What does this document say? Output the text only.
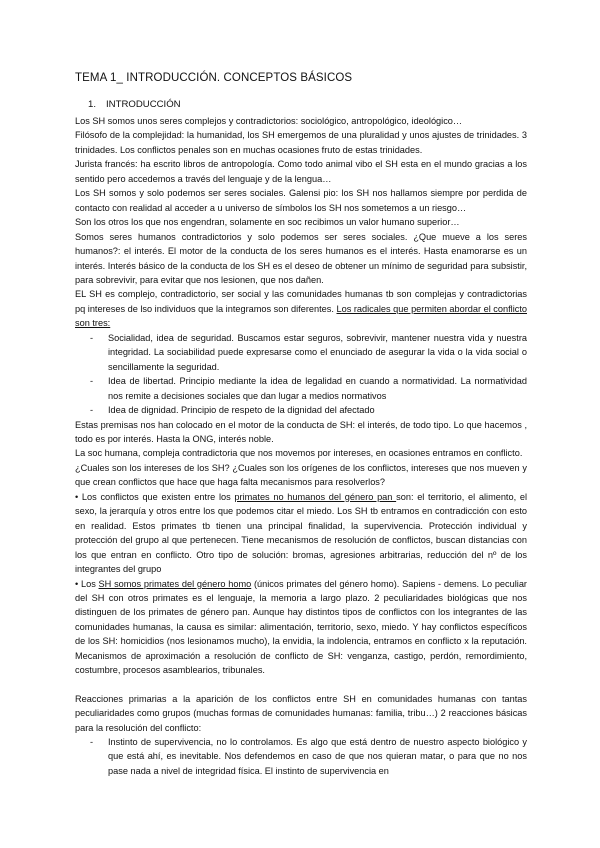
TEMA 1_ INTRODUCCIÓN. CONCEPTOS BÁSICOS
1. INTRODUCCIÓN

Los SH somos unos seres complejos y contradictorios: sociológico, antropológico, ideológico…

Filósofo de la complejidad: la humanidad, los SH emergemos de una pluralidad y unos ajustes de trinidades. 3 trinidades. Los conflictos penales son en muchas ocasiones fruto de estas trinidades.

Jurista francés: ha escrito libros de antropología. Como todo animal vibo el SH esta en el mundo gracias a los sentido pero accedemos a través del lenguaje y de la lengua…

Los SH somos y solo podemos ser seres sociales. Galensi pio: los SH nos hallamos siempre por perdida de contacto con realidad al acceder a u universo de símbolos los SH nos sometemos a un riesgo…

Son los otros los que nos engendran, solamente en soc recibimos un valor humano superior…

Somos seres humanos contradictorios y solo podemos ser seres sociales. ¿Que mueve a los seres humanos?: el interés. El motor de la conducta de los seres humanos es el interés. Hasta enamorarse es un interés. Interés básico de la conducta de los SH es el deseo de obtener un mínimo de seguridad para subsistir, para sobrevivir, para evitar que nos lesionen, que nos dañen.

EL SH es complejo, contradictorio, ser social y las comunidades humanas tb son complejas y contradictorias pq intereses de lso individuos que la integramos son diferentes. Los radicales que permiten abordar el conflicto son tres:

- Socialidad, idea de seguridad. Buscamos estar seguros, sobrevivir, mantener nuestra vida y nuestra integridad. La sociabilidad puede expresarse como el enunciado de asegurar la vida o la vida social o sencillamente la seguridad.
- Idea de libertad. Principio mediante la idea de legalidad en cuando a normatividad. La normatividad nos remite a decisiones sociales que dan lugar a medios normativos
- Idea de dignidad. Principio de respeto de la dignidad del afectado

Estas premisas nos han colocado en el motor de la conducta de SH: el interés, de todo tipo. Lo que hacemos , todo es por interés. Hasta la ONG, interés noble.

La soc humana, compleja contradictoria que nos movemos por intereses, en ocasiones entramos en conflicto.

¿Cuales son los intereses de los SH? ¿Cuales son los orígenes de los conflictos, intereses que nos mueven y que crean conflictos que hace que haga falta mecanismos para resolverlos?

• Los conflictos que existen entre los primates no humanos del género pan son: el territorio, el alimento, el sexo, la jerarquía y otros entre los que podemos citar el miedo. Los SH tb entramos en contradicción con esto en realidad. Estos primates tb tienen una principal finalidad, la supervivencia. Protección individual y protección del grupo al que pertenecen. Tiene mecanismos de resolución de conflictos, buscan distancias con los que entran en conflicto. Otro tipo de solución: bromas, agresiones arbitrarias, reducción del nº de los integrantes del grupo

• Los SH somos primates del género homo (únicos primates del género homo). Sapiens - demens. Lo peculiar del SH con otros primates es el lenguaje, la memoria a largo plazo. 2 peculiaridades biológicas que nos distinguen de los primates de género pan. Aunque hay distintos tipos de conflictos con los integrantes de las comunidades humanas, la causa es similar: alimentación, territorio, sexo, miedo. Y hay conflictos específicos de los SH: homicidios (nos lesionamos mucho), la envidia, la indolencia, entramos en conflicto x la reputación. Mecanismos de aproximación a resolución de conflicto de SH: venganza, castigo, perdón, remordimiento, costumbre, procesos asamblearios, tribunales.

Reacciones primarias a la aparición de los conflictos entre SH en comunidades humanas con tantas peculiaridades como grupos (muchas formas de comunidades humanas: familia, tribu…) 2 reacciones básicas para la resolución del conflicto:

- Instinto de supervivencia, no lo controlamos. Es algo que está dentro de nuestro aspecto biológico y que está ahí, es inevitable. Nos defendemos en caso de que nos quieran matar, o para que no nos pase nada a nivel de integridad física. El instinto de supervivencia en
